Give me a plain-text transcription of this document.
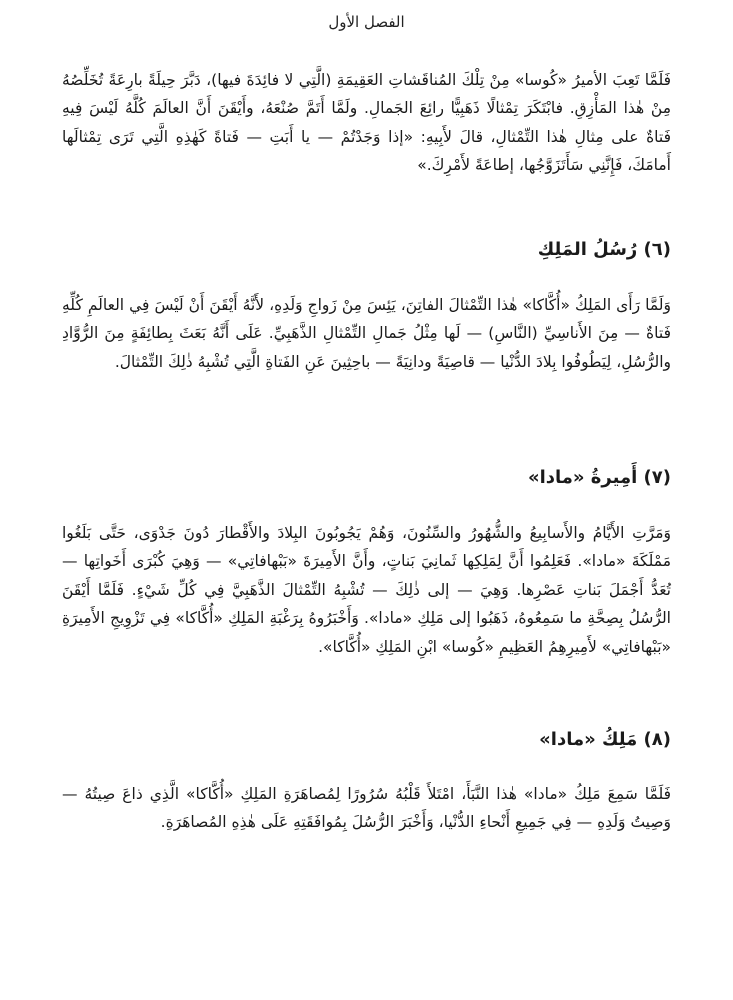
الفصل الأول

فَلَمَّا تَعِبَ الأميرُ «كُوسا» مِنْ تِلْكَ المُناقَشاتِ العَقِيمَةِ (الَّتِي لا فائِدَةَ فيها)، دَبَّرَ حِيلَةً بارِعَةً تُخَلِّصُهُ مِنْ هٰذا المَأْزِقِ. فابْتَكَرَ تِمْثالًا ذَهَبِيًّا رائِعَ الجَمالِ. ولَمَّا أَتَمَّ صُنْعَهُ، وأَيْقَنَ أَنَّ العالَمَ كُلَّهُ لَيْسَ فِيهِ فَتاةٌ على مِثالِ هٰذا التِّمْثالِ، قالَ لأَبِيهِ: «إذا وَجَدْتُمْ — يا أَبَتِ — فَتاةً كَهٰذِهِ الَّتِي تَرَى تِمْثالَها أَمامَكَ، فَإِنَّنِي سَأَتَزَوَّجُها، إطاعَةً لأَمْرِكَ.»

(٦) رُسُلُ المَلِكِ

وَلَمَّا رَأَى المَلِكُ «أُكَّاكا» هٰذا التِّمْثالَ الفاتِنَ، يَئِسَ مِنْ زَواجِ وَلَدِهِ، لأَنَّهُ أَيْقَنَ أَنْ لَيْسَ فِي العالَمِ كُلِّهِ فَتاةٌ — مِنَ الأَناسِيِّ (النَّاسِ) — لَها مِثْلُ جَمالِ التِّمْثالِ الذَّهَبِيِّ. عَلَى أَنَّهُ بَعَثَ بِطائِفَةٍ مِنَ الرُّوَّادِ والرُّسُلِ، لِيَطُوفُوا بِلادَ الدُّنْيا — قاصِيَةً ودانِيَةً — باحِثِينَ عَنِ الفَتاةِ الَّتِي تُشْبِهُ ذٰلِكَ التِّمْثالَ.

(٧) أَمِيرةُ «مادا»

وَمَرَّتِ الأَيَّامُ والأَسابِيعُ والشُّهُورُ والسِّنُونَ، وَهُمْ يَجُوبُونَ البِلادَ والأَقْطارَ دُونَ جَدْوَى، حَتَّى بَلَغُوا مَمْلَكَةَ «مادا». فَعَلِمُوا أَنَّ لِمَلِكِها ثَمانِيَ بَناتٍ، وأَنَّ الأَمِيرَةَ «بَبْهافاتِي» — وَهِيَ كُبْرَى أَخَواتِها — تُعَدُّ أَجْمَلَ بَناتِ عَصْرِها. وَهِيَ — إلى ذٰلِكَ — تُشْبِهُ التِّمْثالَ الذَّهَبِيَّ فِي كُلِّ شَيْءٍ. فَلَمَّا أَيْقَنَ الرُّسُلُ بِصِحَّةِ ما سَمِعُوهُ، ذَهَبُوا إلى مَلِكِ «مادا». وَأَخْبَرُوهُ بِرَغْبَةِ المَلِكِ «أُكَّاكا» فِي تَزْوِيجِ الأَمِيرَةِ «بَبْهافاتِي» لأَمِيرِهِمُ العَظِيمِ «كُوسا» ابْنِ المَلِكِ «أُكَّاكا».

(٨) مَلِكُ «مادا»

فَلَمَّا سَمِعَ مَلِكُ «مادا» هٰذا النَّبَأَ، امْتَلأَ قَلْبُهُ سُرُورًا لِمُصاهَرَةِ المَلِكِ «أُكَّاكا» الَّذِي ذاعَ صِيتُهُ — وَصِيتُ وَلَدِهِ — فِي جَمِيعِ أَنْحاءِ الدُّنْيا، وَأَخْبَرَ الرُّسُلَ بِمُوافَقَتِهِ عَلَى هٰذِهِ المُصاهَرَةِ.
